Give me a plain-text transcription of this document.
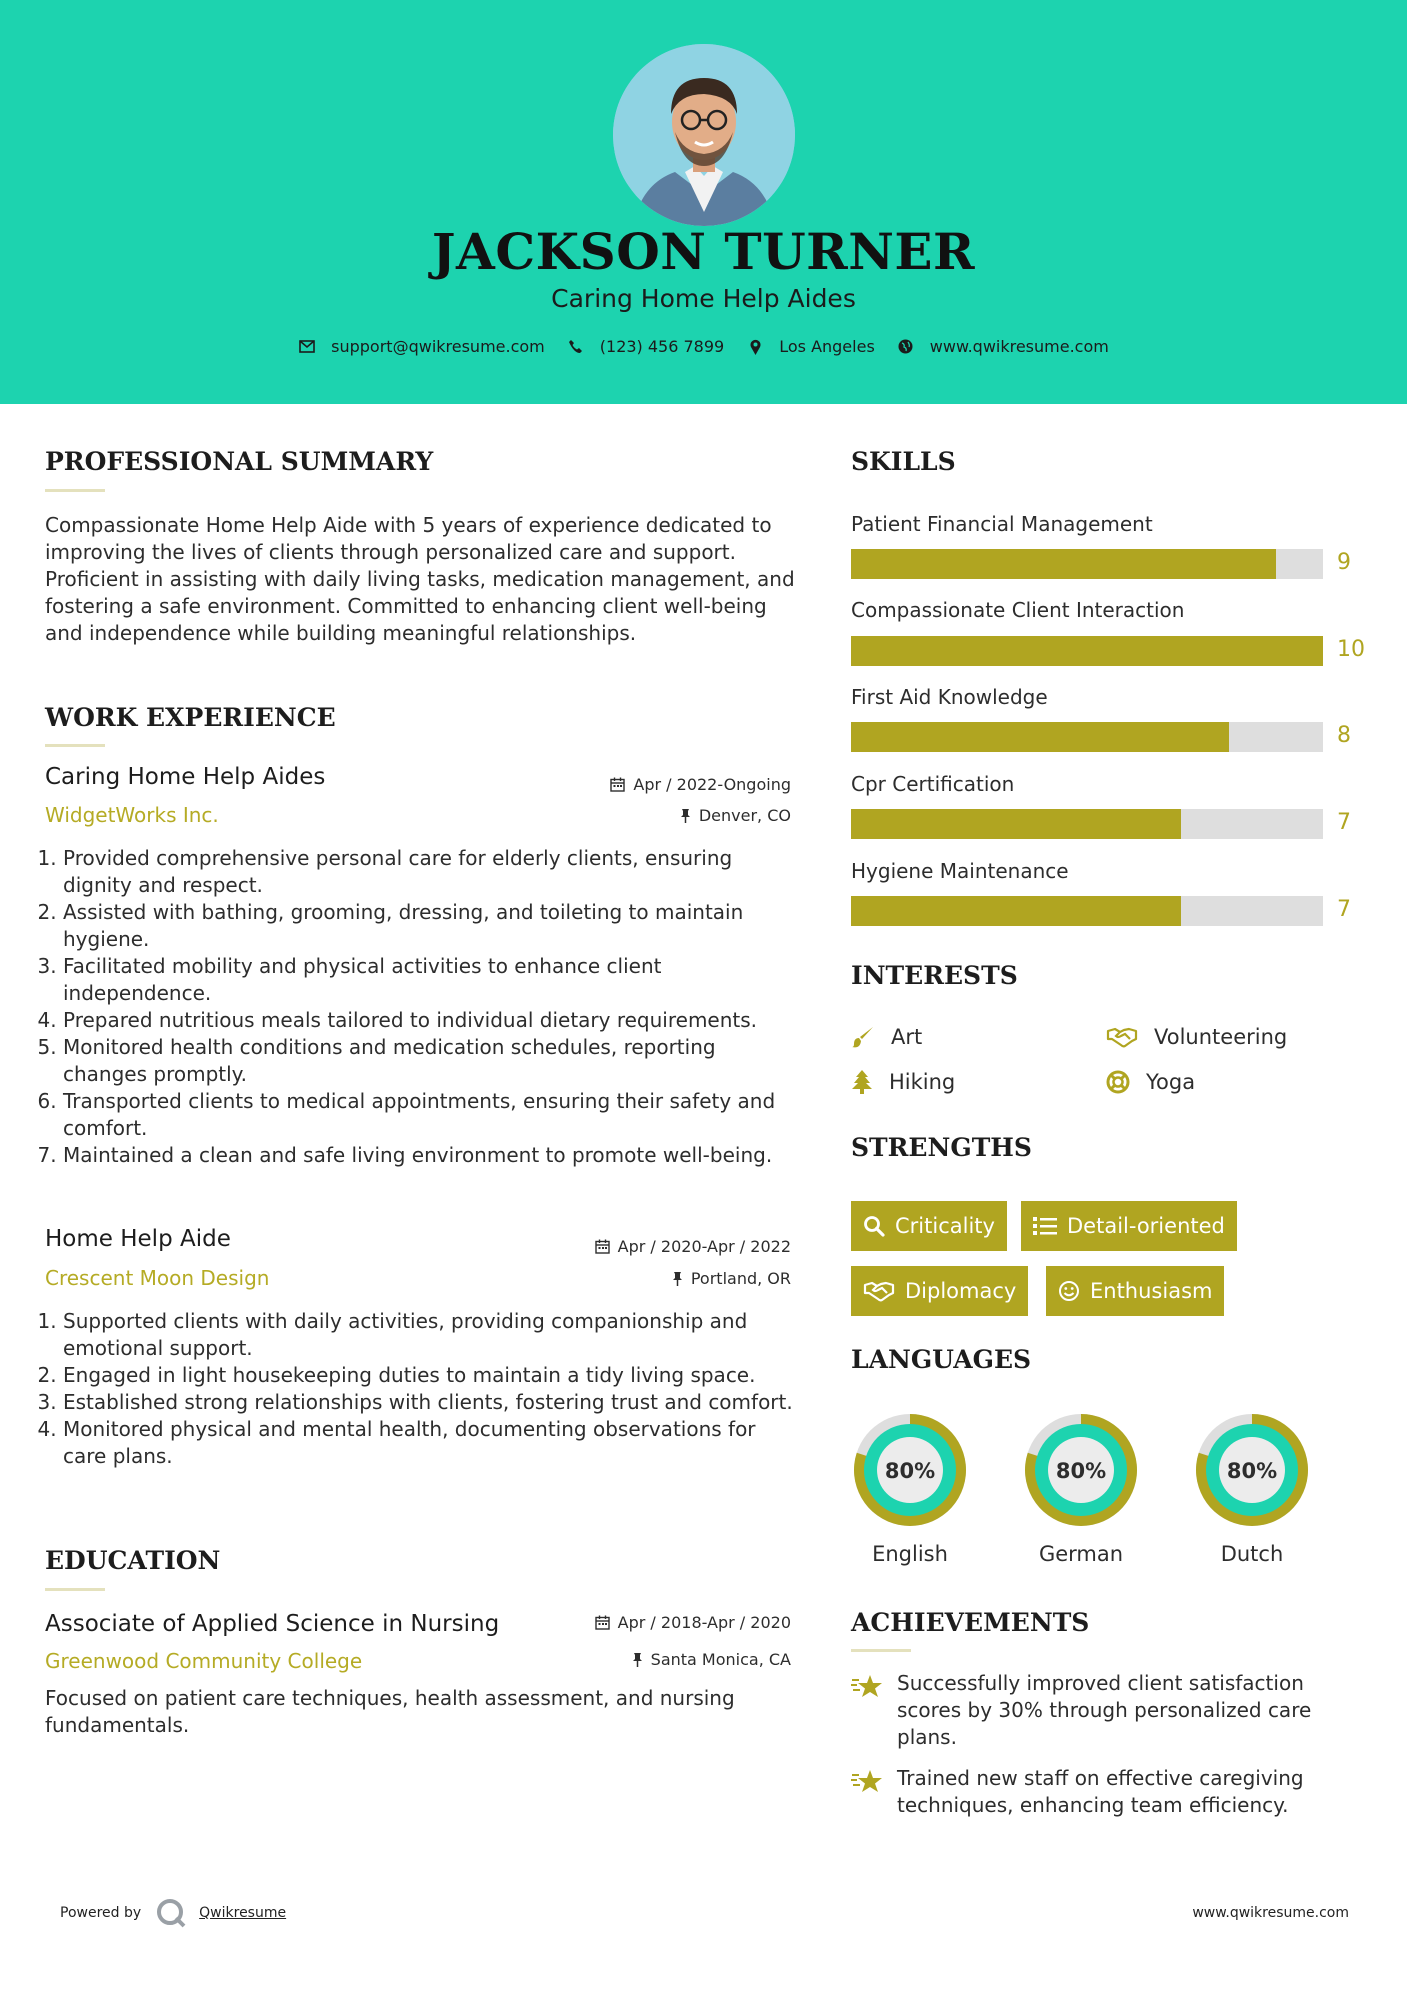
JACKSON TURNER
Caring Home Help Aides
support@qwikresume.com	(123) 456 7899	Los Angeles	www.qwikresume.com
PROFESSIONAL SUMMARY
Compassionate Home Help Aide with 5 years of experience dedicated to improving the lives of clients through personalized care and support. Proficient in assisting with daily living tasks, medication management, and fostering a safe environment. Committed to enhancing client well-being and independence while building meaningful relationships.
WORK EXPERIENCE
Caring Home Help Aides	Apr / 2022-Ongoing
WidgetWorks Inc.	Denver, CO
1. Provided comprehensive personal care for elderly clients, ensuring dignity and respect.
2. Assisted with bathing, grooming, dressing, and toileting to maintain hygiene.
3. Facilitated mobility and physical activities to enhance client independence.
4. Prepared nutritious meals tailored to individual dietary requirements.
5. Monitored health conditions and medication schedules, reporting changes promptly.
6. Transported clients to medical appointments, ensuring their safety and comfort.
7. Maintained a clean and safe living environment to promote well-being.
Home Help Aide	Apr / 2020-Apr / 2022
Crescent Moon Design	Portland, OR
1. Supported clients with daily activities, providing companionship and emotional support.
2. Engaged in light housekeeping duties to maintain a tidy living space.
3. Established strong relationships with clients, fostering trust and comfort.
4. Monitored physical and mental health, documenting observations for care plans.
EDUCATION
Associate of Applied Science in Nursing	Apr / 2018-Apr / 2020
Greenwood Community College	Santa Monica, CA
Focused on patient care techniques, health assessment, and nursing fundamentals.
SKILLS
Patient Financial Management
9
Compassionate Client Interaction
10
First Aid Knowledge
8
Cpr Certification
7
Hygiene Maintenance
7
INTERESTS
Art	Volunteering
Hiking	Yoga
STRENGTHS
Criticality	Detail-oriented
Diplomacy	Enthusiasm
LANGUAGES
80%
English
80%
German
80%
Dutch
ACHIEVEMENTS
Successfully improved client satisfaction scores by 30% through personalized care plans.
Trained new staff on effective caregiving techniques, enhancing team efficiency.
Powered by	Qwikresume	www.qwikresume.com
